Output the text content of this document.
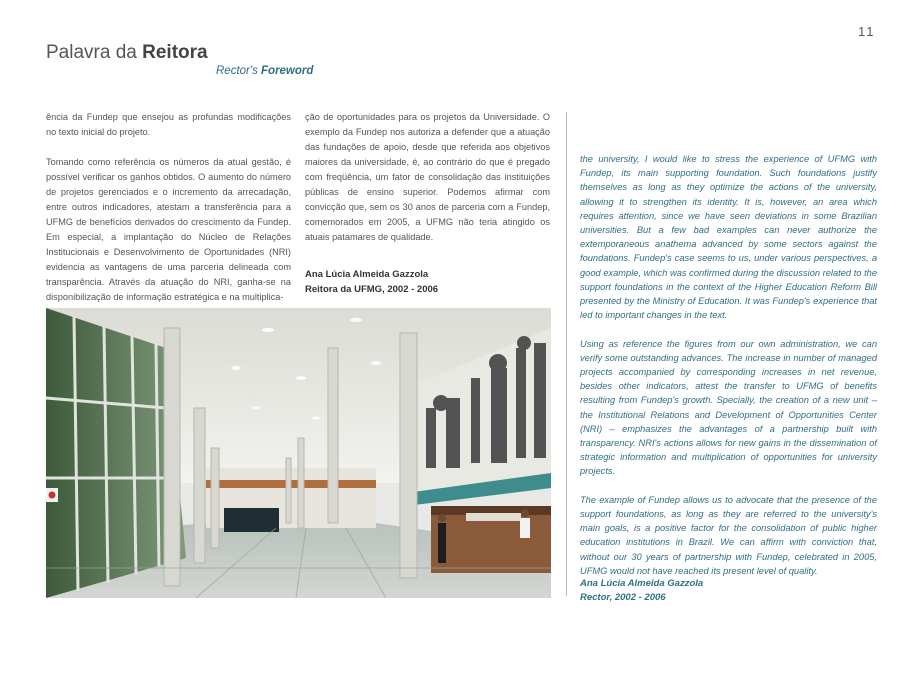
11
Palavra da Reitora
Rector's Foreword

ência da Fundep que ensejou as profundas modificações no texto inicial do projeto.

Tomando como referência os números da atual gestão, é possível verificar os ganhos obtidos. O aumento do número de projetos gerenciados e o incremento da arrecadação, entre outros indicadores, atestam a transferência para a UFMG de benefícios derivados do crescimento da Fundep. Em especial, a implantação do Núcleo de Relações Institucionais e Desenvolvimento de Oportunidades (NRI) evidencia as vantagens de uma parceria delineada com transparência. Através da atuação do NRI, ganha-se na disponibilização de informação estratégica e na multiplica-

ção de oportunidades para os projetos da Universidade. O exemplo da Fundep nos autoriza a defender que a atuação das fundações de apoio, desde que referida aos objetivos maiores da universidade, é, ao contrário do que é pregado com freqüência, um fator de consolidação das instituições públicas de ensino superior. Podemos afirmar com convicção que, sem os 30 anos de parceria com a Fundep, comemorados em 2005, a UFMG não teria atingido os atuais patamares de qualidade.

Ana Lúcia Almeida Gazzola
Reitora da UFMG, 2002 - 2006

the university, I would like to stress the experience of UFMG with Fundep, its main supporting foundation. Such foundations justify themselves as long as they optimize the actions of the university, allowing it to strengthen its identity. It is, however, an area which requires attention, since we have seen deviations in some Brazilian universities. But a few bad examples can never authorize the extemporaneous anathema advanced by some sectors against the foundations. Fundep's case seems to us, under various perspectives, a good example, which was confirmed during the discussion related to the support foundations in the context of the Higher Education Reform Bill presented by the Ministry of Education. It was Fundep's experience that led to important changes in the text.

Using as reference the figures from our own administration, we can verify some outstanding advances. The increase in number of managed projects accompanied by corresponding increases in net revenue, besides other indicators, attest the transfer to UFMG of benefits resulting from Fundep's growth. Specially, the creation of a new unit – the Institutional Relations and Development of Opportunities Center (NRI) – emphasizes the advantages of a partnership built with transparency. NRI's actions allows for new gains in the dissemination of strategic information and multiplication of opportunities for university projects.

The example of Fundep allows us to advocate that the presence of the support foundations, as long as they are referred to the university's main goals, is a positive factor for the consolidation of public higher education institutions in Brazil. We can affirm with conviction that, without our 30 years of partnership with Fundep, celebrated in 2005, UFMG would not have reached its present level of quality.

Ana Lúcia Almeida Gazzola
Rector, 2002 - 2006
